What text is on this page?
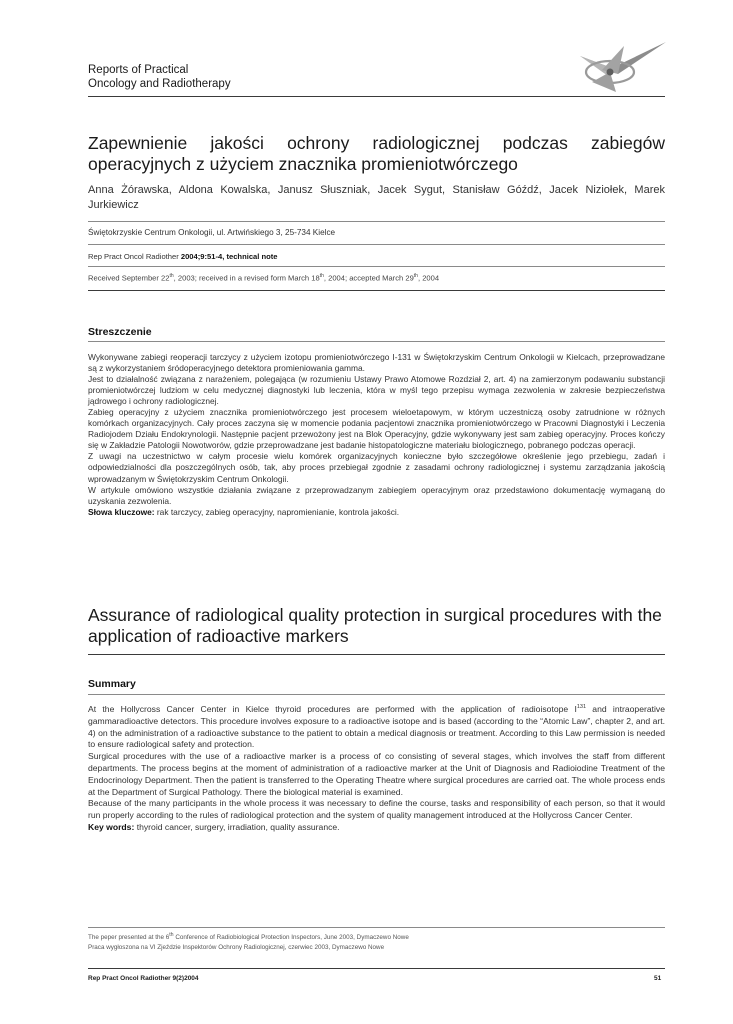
Reports of Practical
Oncology and Radiotherapy
Zapewnienie jakości ochrony radiologicznej podczas zabiegów operacyjnych z użyciem znacznika promieniotwórczego
Anna Żórawska, Aldona Kowalska, Janusz Słuszniak, Jacek Sygut, Stanisław Góźdź, Jacek Niziołek, Marek Jurkiewicz
Świętokrzyskie Centrum Onkologii, ul. Artwińskiego 3, 25-734 Kielce
Rep Pract Oncol Radiother 2004;9:51-4, technical note
Received September 22th, 2003; received in a revised form March 18th, 2004; accepted March 29th, 2004
Streszczenie

Wykonywane zabiegi reoperacji tarczycy z użyciem izotopu promieniotwórczego I-131 w Świętokrzyskim Centrum Onkologii w Kielcach, przeprowadzane są z wykorzystaniem śródoperacyjnego detektora promieniowania gamma.

Jest to działalność związana z narażeniem, polegająca (w rozumieniu Ustawy Prawo Atomowe Rozdział 2, art. 4) na zamierzonym podawaniu substancji promieniotwórczej ludziom w celu medycznej diagnostyki lub leczenia, która w myśl tego przepisu wymaga zezwolenia w zakresie bezpieczeństwa jądrowego i ochrony radiologicznej.

Zabieg operacyjny z użyciem znacznika promieniotwórczego jest procesem wieloetapowym, w którym uczestniczą osoby zatrudnione w różnych komórkach organizacyjnych. Cały proces zaczyna się w momencie podania pacjentowi znacznika promieniotwórczego w Pracowni Diagnostyki i Leczenia Radiojodem Działu Endokrynologii. Następnie pacjent przewożony jest na Blok Operacyjny, gdzie wykonywany jest sam zabieg operacyjny. Proces kończy się w Zakładzie Patologii Nowotworów, gdzie przeprowadzane jest badanie histopatologiczne materiału biologicznego, pobranego podczas operacji.

Z uwagi na uczestnictwo w całym procesie wielu komórek organizacyjnych konieczne było szczegółowe określenie jego przebiegu, zadań i odpowiedzialności dla poszczególnych osób, tak, aby proces przebiegał zgodnie z zasadami ochrony radiologicznej i systemu zarządzania jakością wprowadzanym w Świętokrzyskim Centrum Onkologii.

W artykule omówiono wszystkie działania związane z przeprowadzanym zabiegiem operacyjnym oraz przedstawiono dokumentację wymaganą do uzyskania zezwolenia.

Słowa kluczowe: rak tarczycy, zabieg operacyjny, napromienianie, kontrola jakości.

Assurance of radiological quality protection in surgical procedures with the application of radioactive markers
Summary

At the Hollycross Cancer Center in Kielce thyroid procedures are performed with the application of radioisotope $I^{131}$ and intraoperative gammaradioactive detectors. This procedure involves exposure to a radioactive isotope and is based (according to the “Atomic Law”, chapter 2, and art. 4) on the administration of a radioactive substance to the patient to obtain a medical diagnosis or treatment. According to this Law permission is needed to ensure radiological safety and protection.

Surgical procedures with the use of a radioactive marker is a process of co consisting of several stages, which involves the staff from different departments. The process begins at the moment of administration of a radioactive marker at the Unit of Diagnosis and Radioiodine Treatment of the Endocrinology Department. Then the patient is transferred to the Operating Theatre where surgical procedures are carried oat. The whole process ends at the Department of Surgical Pathology. There the biological material is examined.

Because of the many participants in the whole process it was necessary to define the course, tasks and responsibility of each person, so that it would run properly according to the rules of radiological protection and the system of quality management introduced at the Hollycross Cancer Center.

Key words: thyroid cancer, surgery, irradiation, quality assurance.

The peper presented at the 6th Conference of Radiobiological Protection Inspectors, June 2003, Dymaczewo Nowe
Praca wygłoszona na VI Zjeździe Inspektorów Ochrony Radiologicznej, czerwiec 2003, Dymaczewo Nowe
Rep Pract Oncol Radiother 9(2)2004	51
